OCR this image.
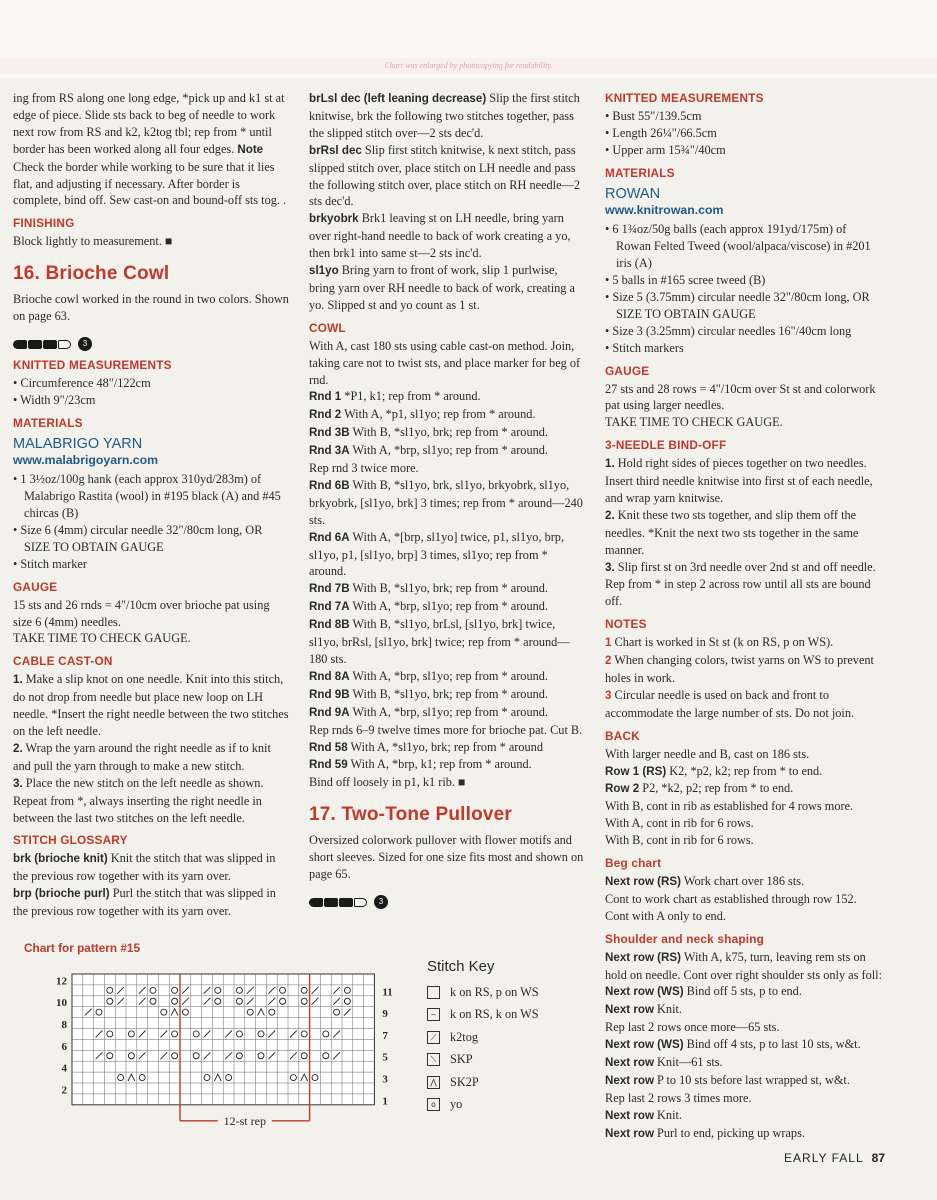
Chart was enlarged by photocopying for readability.

ing from RS along one long edge, *pick up and k1 st at edge of piece. Slide sts back to beg of needle to work next row from RS and k2, k2tog tbl; rep from * until border has been worked along all four edges. Note Check the border while working to be sure that it lies flat, and adjusting if necessary. After border is complete, bind off. Sew cast-on and bound-off sts tog. .

FINISHING

Block lightly to measurement. ■

16. Brioche Cowl

Brioche cowl worked in the round in two colors. Shown on page 63.

3
KNITTED MEASUREMENTS

• Circumference 48"/122cm

• Width 9"/23cm

MATERIALS
MALABRIGO YARN
www.malabrigoyarn.com

• 1 3½oz/100g hank (each approx 310yd/283m) of Malabrigo Rastita (wool) in #195 black (A) and #45 chircas (B)

• Size 6 (4mm) circular needle 32"/80cm long, OR SIZE TO OBTAIN GAUGE

• Stitch marker

GAUGE

15 sts and 26 rnds = 4"/10cm over brioche pat using size 6 (4mm) needles.

TAKE TIME TO CHECK GAUGE.

CABLE CAST-ON

1. Make a slip knot on one needle. Knit into this stitch, do not drop from needle but place new loop on LH needle. *Insert the right needle between the two stitches on the left needle.

2. Wrap the yarn around the right needle as if to knit and pull the yarn through to make a new stitch.

3. Place the new stitch on the left needle as shown. Repeat from *, always inserting the right needle in between the last two stitches on the left needle.

STITCH GLOSSARY

brk (brioche knit) Knit the stitch that was slipped in the previous row together with its yarn over.

brp (brioche purl) Purl the stitch that was slipped in the previous row together with its yarn over.

brLsl dec (left leaning decrease) Slip the first stitch knitwise, brk the following two stitches together, pass the slipped stitch over—2 sts dec'd.

brRsl dec Slip first stitch knitwise, k next stitch, pass slipped stitch over, place stitch on LH needle and pass the following stitch over, place stitch on RH needle—2 sts dec'd.

brkyobrk Brk1 leaving st on LH needle, bring yarn over right-hand needle to back of work creating a yo, then brk1 into same st—2 sts inc'd.

sl1yo Bring yarn to front of work, slip 1 purlwise, bring yarn over RH needle to back of work, creating a yo. Slipped st and yo count as 1 st.

COWL

With A, cast 180 sts using cable cast-on method. Join, taking care not to twist sts, and place marker for beg of rnd.

Rnd 1 *P1, k1; rep from * around.

Rnd 2 With A, *p1, sl1yo; rep from * around.

Rnd 3B With B, *sl1yo, brk; rep from * around.

Rnd 3A With A, *brp, sl1yo; rep from * around.

Rep rnd 3 twice more.

Rnd 6B With B, *sl1yo, brk, sl1yo, brkyobrk, sl1yo, brkyobrk, [sl1yo, brk] 3 times; rep from * around—240 sts.

Rnd 6A With A, *[brp, sl1yo] twice, p1, sl1yo, brp, sl1yo, p1, [sl1yo, brp] 3 times, sl1yo; rep from * around.

Rnd 7B With B, *sl1yo, brk; rep from * around.

Rnd 7A With A, *brp, sl1yo; rep from * around.

Rnd 8B With B, *sl1yo, brLsl, [sl1yo, brk] twice, sl1yo, brRsl, [sl1yo, brk] twice; rep from * around—180 sts.

Rnd 8A With A, *brp, sl1yo; rep from * around.

Rnd 9B With B, *sl1yo, brk; rep from * around.

Rnd 9A With A, *brp, sl1yo; rep from * around.

Rep rnds 6–9 twelve times more for brioche pat. Cut B.

Rnd 58 With A, *sl1yo, brk; rep from * around

Rnd 59 With A, *brp, k1; rep from * around.

Bind off loosely in p1, k1 rib. ■

17. Two-Tone Pullover

Oversized colorwork pullover with flower motifs and short sleeves. Sized for one size fits most and shown on page 65.

3
KNITTED MEASUREMENTS

• Bust 55"/139.5cm

• Length 26¼"/66.5cm

• Upper arm 15¾"/40cm

MATERIALS
ROWAN
www.knitrowan.com

• 6 1¾oz/50g balls (each approx 191yd/175m) of Rowan Felted Tweed (wool/alpaca/viscose) in #201 iris (A)

• 5 balls in #165 scree tweed (B)

• Size 5 (3.75mm) circular needle 32"/80cm long, OR SIZE TO OBTAIN GAUGE

• Size 3 (3.25mm) circular needles 16"/40cm long

• Stitch markers

GAUGE

27 sts and 28 rows = 4"/10cm over St st and colorwork pat using larger needles.

TAKE TIME TO CHECK GAUGE.

3-NEEDLE BIND-OFF

1. Hold right sides of pieces together on two needles. Insert third needle knitwise into first st of each needle, and wrap yarn knitwise.

2. Knit these two sts together, and slip them off the needles. *Knit the next two sts together in the same manner.

3. Slip first st on 3rd needle over 2nd st and off needle. Rep from * in step 2 across row until all sts are bound off.

NOTES

1 Chart is worked in St st (k on RS, p on WS).

2 When changing colors, twist yarns on WS to prevent holes in work.

3 Circular needle is used on back and front to accommodate the large number of sts. Do not join.

BACK

With larger needle and B, cast on 186 sts.

Row 1 (RS) K2, *p2, k2; rep from * to end.

Row 2 P2, *k2, p2; rep from * to end.

With B, cont in rib as established for 4 rows more.

With A, cont in rib for 6 rows.

With B, cont in rib for 6 rows.

Beg chart

Next row (RS) Work chart over 186 sts.

Cont to work chart as established through row 152.

Cont with A only to end.

Shoulder and neck shaping

Next row (RS) With A, k75, turn, leaving rem sts on hold on needle. Cont over right shoulder sts only as foll:

Next row (WS) Bind off 5 sts, p to end.

Next row Knit.

Rep last 2 rows once more—65 sts.

Next row (WS) Bind off 4 sts, p to last 10 sts, w&t.

Next row Knit—61 sts.

Next row P to 10 sts before last wrapped st, w&t.

Rep last 2 rows 3 times more.

Next row Knit.

Next row Purl to end, picking up wraps.

Chart for pattern #15
12-st rep
12
10
8
6
4
2
11
9
7
5
3
1
Stitch Key
k on RS, p on WS
–	k on RS, k on WS
⟋	k2tog
⟍	SKP
⋀ SK2P
o	yo
EARLY FALL 87
